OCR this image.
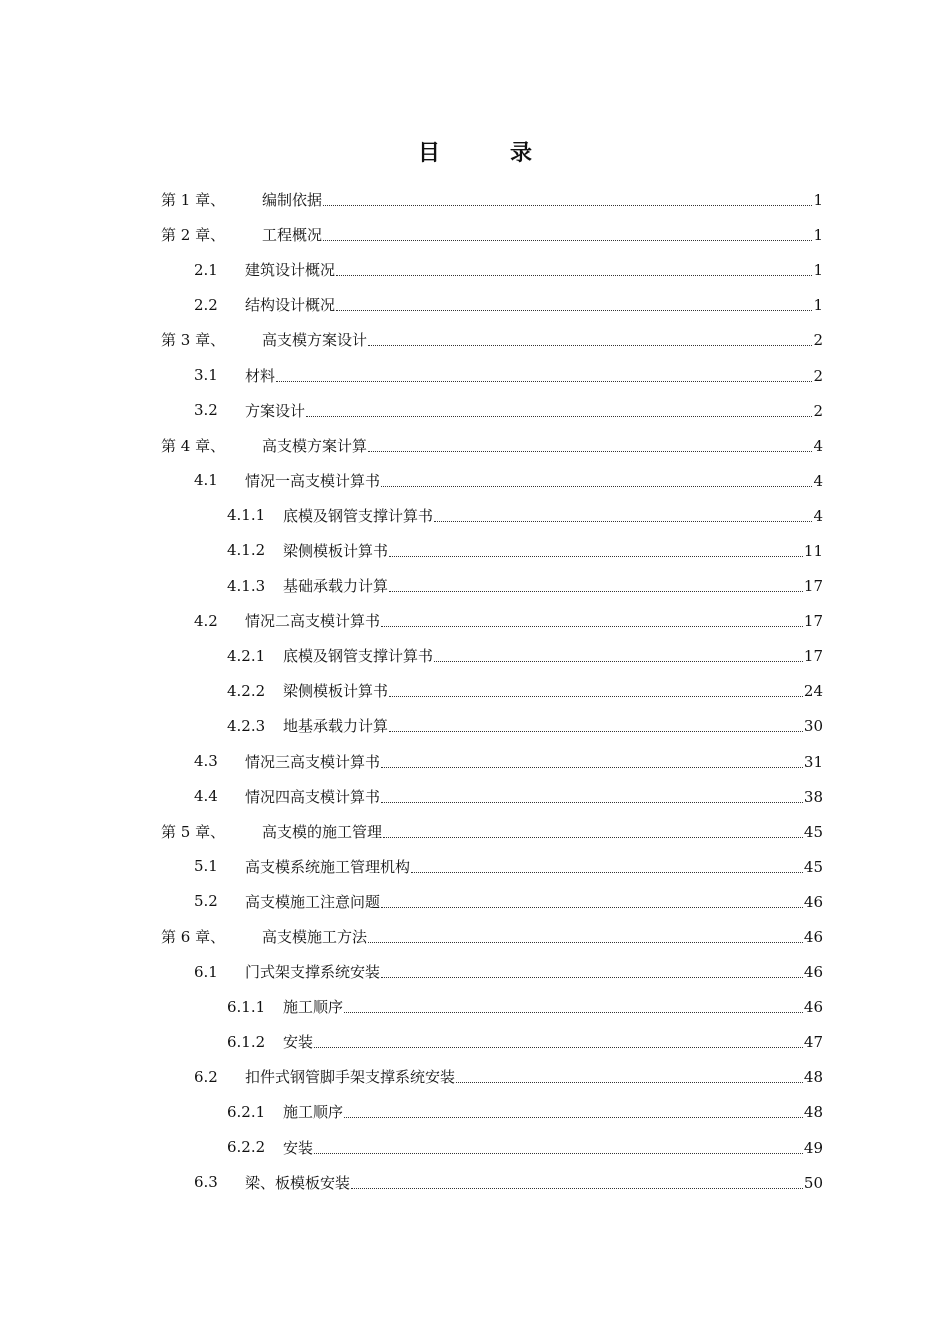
目	录
第 1 章、 编制依据	1
第 2 章、 工程概况	1
2.1 建筑设计概况	1
2.2 结构设计概况	1
第 3 章、 高支模方案设计	2
3.1 材料	2
3.2 方案设计	2
第 4 章、 高支模方案计算	4
4.1 情况一高支模计算书	4
4.1.1 底模及钢管支撑计算书	4
4.1.2 梁侧模板计算书	11
4.1.3 基础承载力计算	17
4.2 情况二高支模计算书	17
4.2.1 底模及钢管支撑计算书	17
4.2.2 梁侧模板计算书	24
4.2.3 地基承载力计算	30
4.3 情况三高支模计算书	31
4.4 情况四高支模计算书	38
第 5 章、 高支模的施工管理	45
5.1 高支模系统施工管理机构	45
5.2 高支模施工注意问题	46
第 6 章、 高支模施工方法	46
6.1 门式架支撑系统安装	46
6.1.1 施工顺序	46
6.1.2 安装	47
6.2 扣件式钢管脚手架支撑系统安装	48
6.2.1 施工顺序	48
6.2.2 安装	49
6.3 梁、板模板安装	50
